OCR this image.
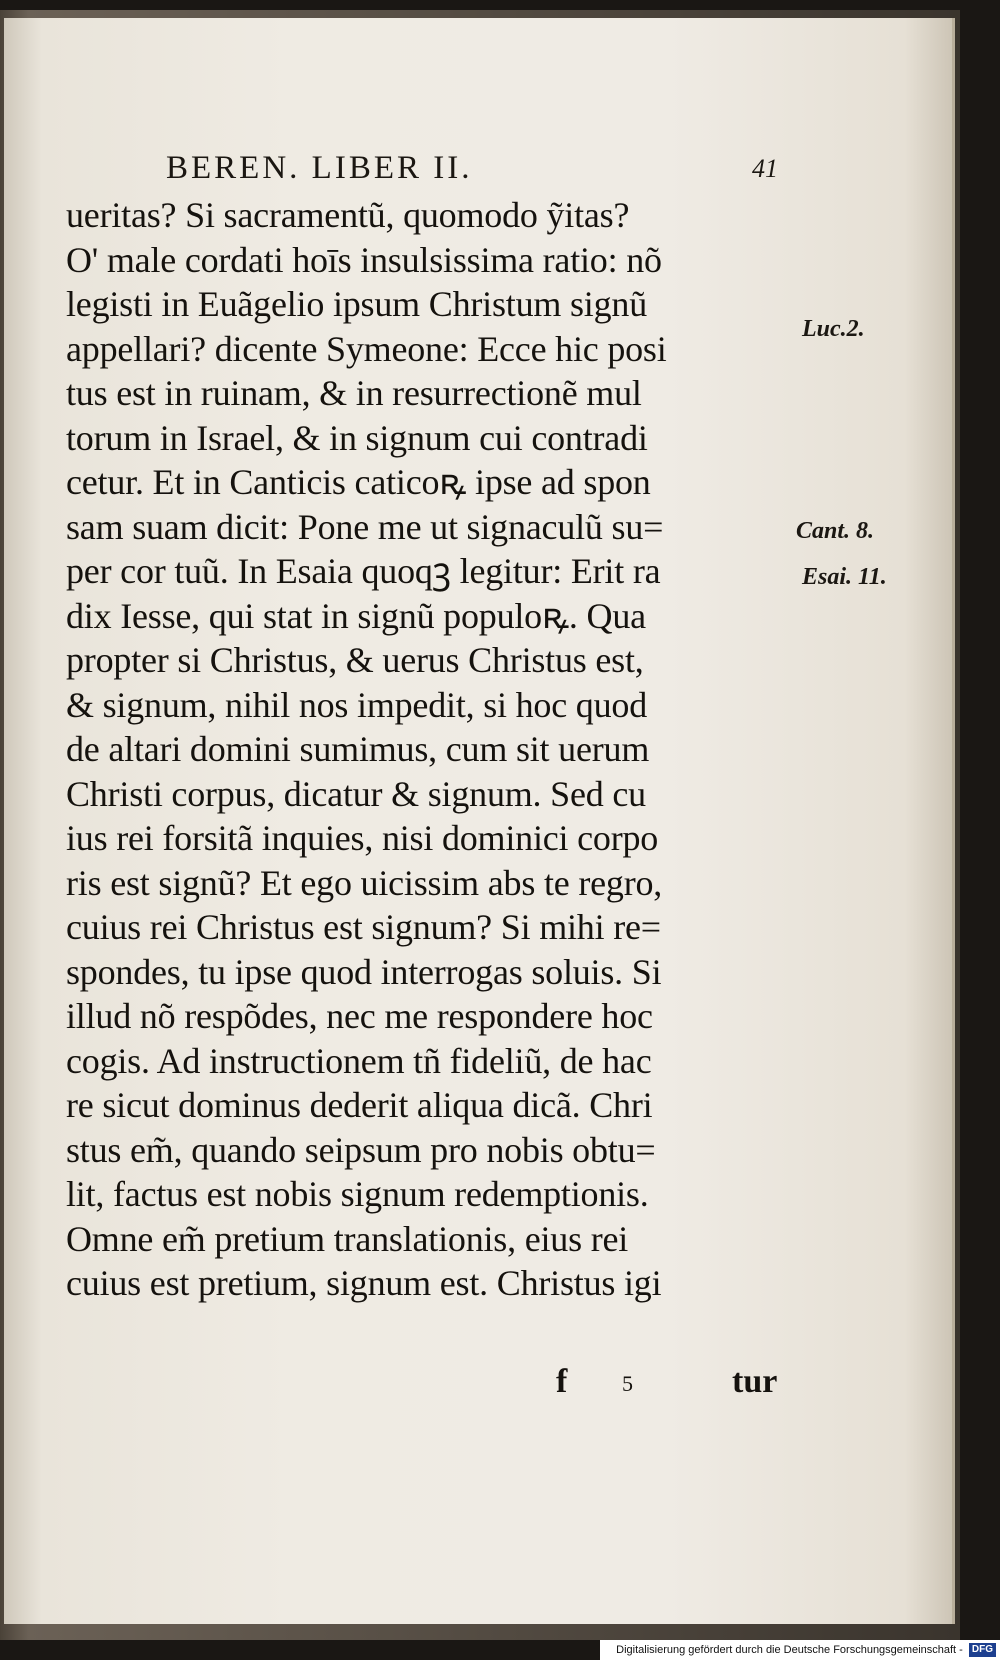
BEREN. LIBER II.	41
ueritas? Si sacramentũ, quomodo ỹitas?
O' male cordati hoīs insulsissima ratio: nõ
legisti in Euãgelio ipsum Christum signũ
appellari? dicente Symeone: Ecce hic posi
tus est in ruinam, & in resurrectionẽ mul
torum in Israel, & in signum cui contradi
cetur. Et in Canticis caticoꝶ ipse ad spon
sam suam dicit: Pone me ut signaculũ su=
per cor tuũ. In Esaia quoqꝫ legitur: Erit ra
dix Iesse, qui stat in signũ populoꝶ. Qua
propter si Christus, & uerus Christus est,
& signum, nihil nos impedit, si hoc quod
de altari domini sumimus, cum sit uerum
Christi corpus, dicatur & signum. Sed cu
ius rei forsitã inquies, nisi dominici corpo
ris est signũ? Et ego uicissim abs te regro,
cuius rei Christus est signum? Si mihi re=
spondes, tu ipse quod interrogas soluis. Si
illud nõ respõdes, nec me respondere hoc
cogis. Ad instructionem tñ fideliũ, de hac
re sicut dominus dederit aliqua dicã. Chri
stus em̃, quando seipsum pro nobis obtu=
lit, factus est nobis signum redemptionis.
Omne em̃ pretium translationis, eius rei
cuius est pretium, signum est. Christus igi
f 5	tur
Luc.2.
Cant. 8.
Esai. 11.
Digitalisierung gefördert durch die Deutsche Forschungsgemeinschaft - DFG
